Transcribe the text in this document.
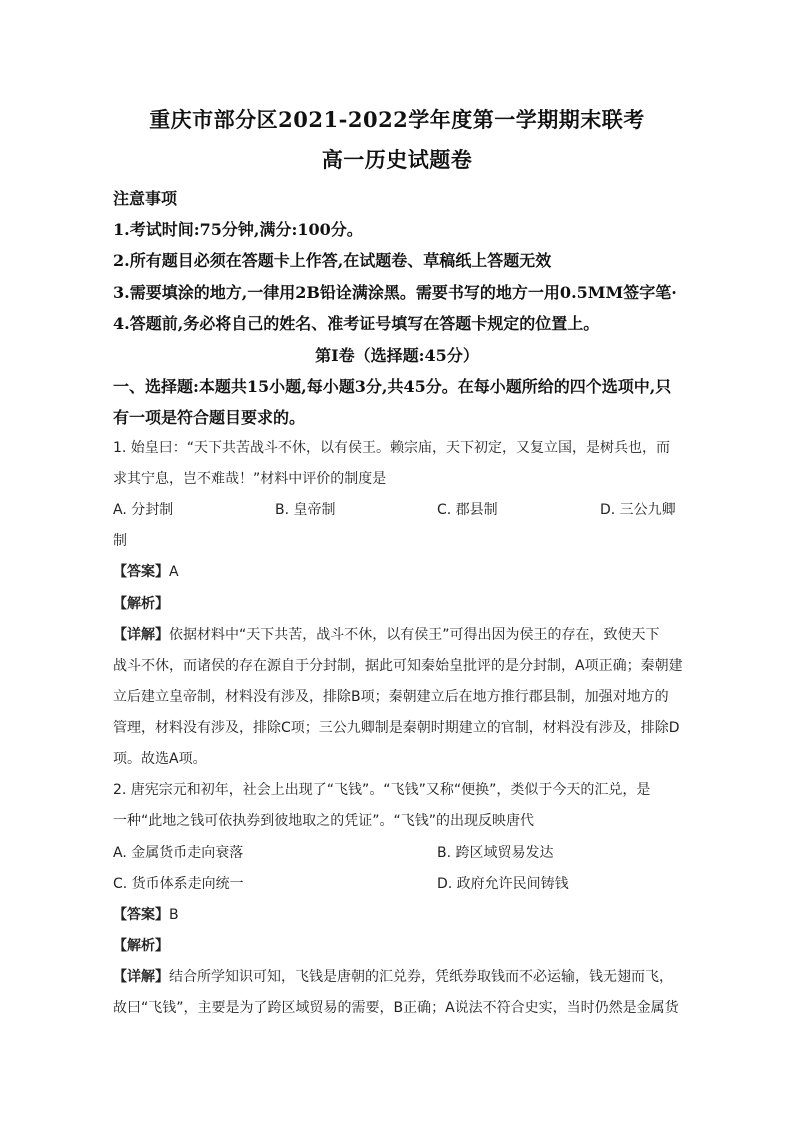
重庆市部分区2021-2022学年度第一学期期末联考
高一历史试题卷
注意事项
1.考试时间:75分钟,满分:100分。
2.所有题目必须在答题卡上作答,在试题卷、草稿纸上答题无效
3.需要填涂的地方,一律用2B铅诠满涂黑。需要书写的地方一用0.5MM签字笔·
4.答题前,务必将自己的姓名、准考证号填写在答题卡规定的位置上。
第Ⅰ卷（选择题:45分）
一、选择题:本题共15小题,每小题3分,共45分。在每小题所给的四个选项中,只
有一项是符合题目要求的。
1. 始皇曰：“天下共苦战斗不休，以有侯王。赖宗庙，天下初定，又复立国，是树兵也，而
求其宁息，岂不难哉！”材料中评价的制度是
A. 分封制	B. 皇帝制	C. 郡县制	D. 三公九卿
制
【答案】A
【解析】
【详解】依据材料中“天下共苦，战斗不休，以有侯王”可得出因为侯王的存在，致使天下
战斗不休，而诸侯的存在源自于分封制，据此可知秦始皇批评的是分封制，A项正确；秦朝建
立后建立皇帝制，材料没有涉及，排除B项；秦朝建立后在地方推行郡县制，加强对地方的
管理，材料没有涉及，排除C项；三公九卿制是秦朝时期建立的官制，材料没有涉及，排除D
项。故选A项。
2. 唐宪宗元和初年，社会上出现了“飞钱”。“飞钱”又称“便换”，类似于今天的汇兑，是
一种“此地之钱可依执券到彼地取之的凭证”。“飞钱”的出现反映唐代
A. 金属货币走向衰落	B. 跨区域贸易发达
C. 货币体系走向统一	D. 政府允许民间铸钱
【答案】B
【解析】
【详解】结合所学知识可知，飞钱是唐朝的汇兑券，凭纸券取钱而不必运输，钱无翅而飞，
故曰“飞钱”，主要是为了跨区域贸易的需要，B正确；A说法不符合史实，当时仍然是金属货
